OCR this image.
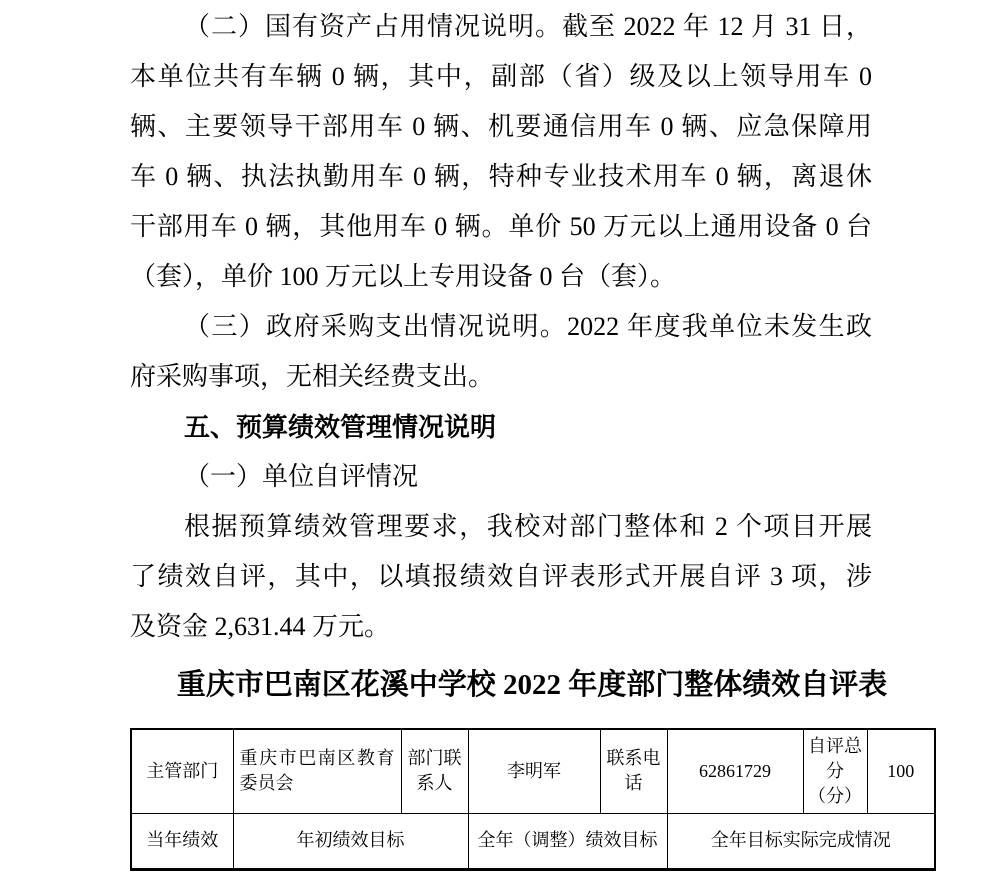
（二）国有资产占用情况说明。截至 2022 年 12 月 31 日，
本单位共有车辆 0 辆，其中，副部（省）级及以上领导用车 0
辆、主要领导干部用车 0 辆、机要通信用车 0 辆、应急保障用
车 0 辆、执法执勤用车 0 辆，特种专业技术用车 0 辆，离退休
干部用车 0 辆，其他用车 0 辆。单价 50 万元以上通用设备 0 台
（套），单价 100 万元以上专用设备 0 台（套）。
（三）政府采购支出情况说明。2022 年度我单位未发生政
府采购事项，无相关经费支出。
五、预算绩效管理情况说明
（一）单位自评情况
根据预算绩效管理要求，我校对部门整体和 2 个项目开展
了绩效自评，其中，以填报绩效自评表形式开展自评 3 项，涉
及资金 2,631.44 万元。
重庆市巴南区花溪中学校 2022 年度部门整体绩效自评表
主管部门	重庆市巴南区教育委员会	部门联系人	李明军	联系电话	62861729	自评总分（分）	100
当年绩效	年初绩效目标		全年（调整）绩效目标		全年目标实际完成情况		
